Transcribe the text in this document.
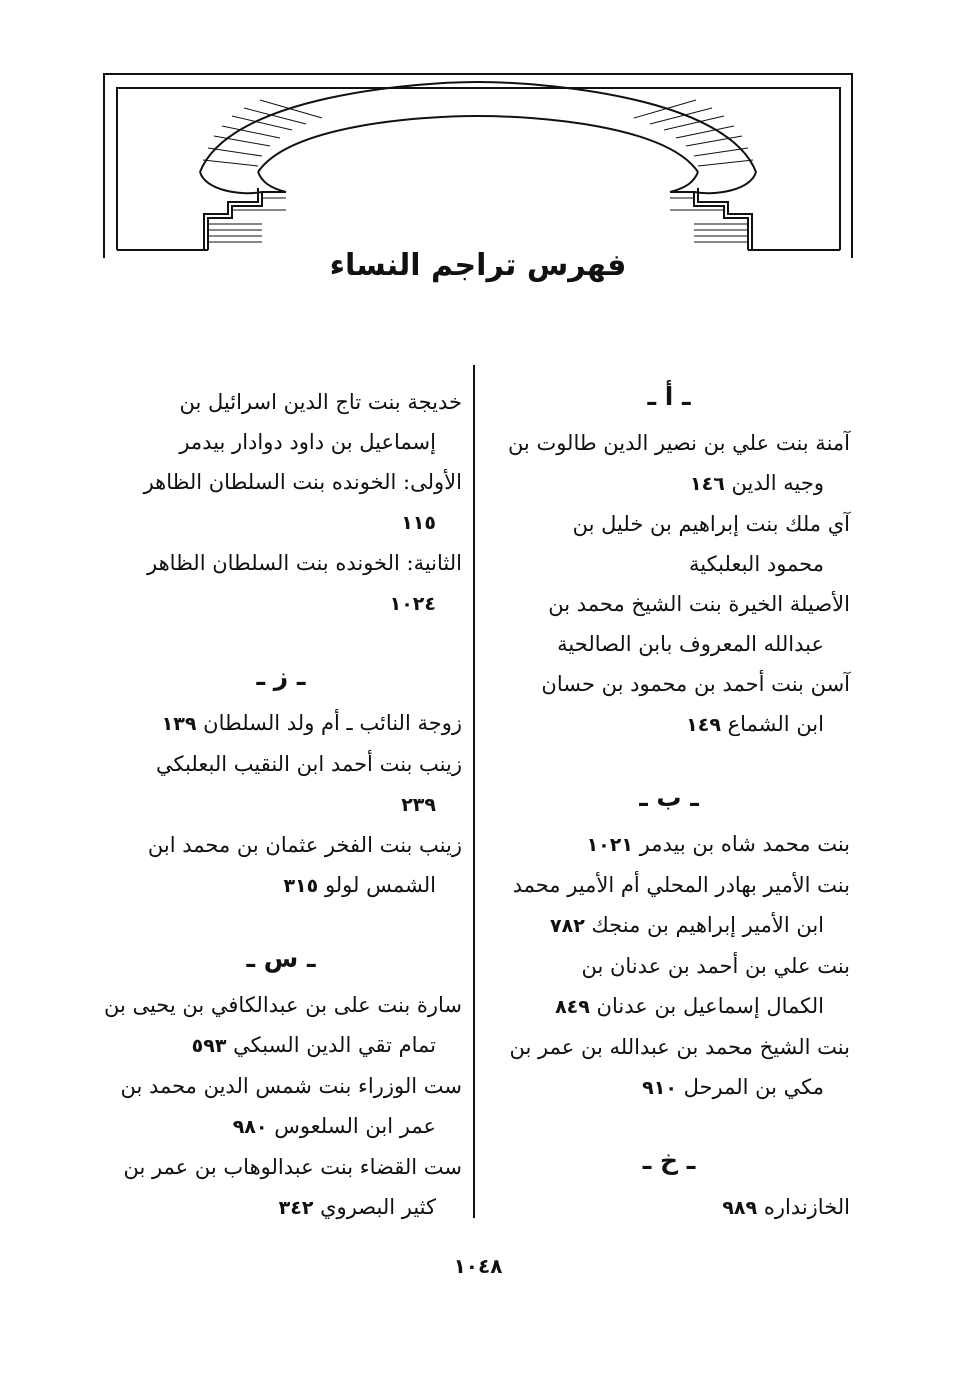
فهرس تراجم النساء
ـ أ ـ
آمنة بنت علي بن نصير الدين طالوت بن
وجيه الدين ١٤٦
آي ملك بنت إبراهيم بن خليل بن
محمود البعلبكية
الأصيلة الخيرة بنت الشيخ محمد بن
عبدالله المعروف بابن الصالحية
آسن بنت أحمد بن محمود بن حسان
ابن الشماع ١٤٩
ـ ب ـ
بنت محمد شاه بن بيدمر ١٠٢١
بنت الأمير بهادر المحلي أم الأمير محمد
ابن الأمير إبراهيم بن منجك ٧٨٢
بنت علي بن أحمد بن عدنان بن
الكمال إسماعيل بن عدنان ٨٤٩
بنت الشيخ محمد بن عبدالله بن عمر بن
مكي بن المرحل ٩١٠
ـ خ ـ
الخازنداره ٩٨٩
خديجة بنت تاج الدين اسرائيل بن
إسماعيل بن داود دوادار بيدمر
الأولى: الخونده بنت السلطان الظاهر
١١٥
الثانية: الخونده بنت السلطان الظاهر
١٠٢٤
ـ ز ـ
زوجة النائب ـ أم ولد السلطان ١٣٩
زينب بنت أحمد ابن النقيب البعلبكي
٢٣٩
زينب بنت الفخر عثمان بن محمد ابن
الشمس لولو ٣١٥
ـ س ـ
سارة بنت على بن عبدالكافي بن يحيى بن
تمام تقي الدين السبكي ٥٩٣
ست الوزراء بنت شمس الدين محمد بن
عمر ابن السلعوس ٩٨٠
ست القضاء بنت عبدالوهاب بن عمر بن
كثير البصروي ٣٤٢
١٠٤٨
